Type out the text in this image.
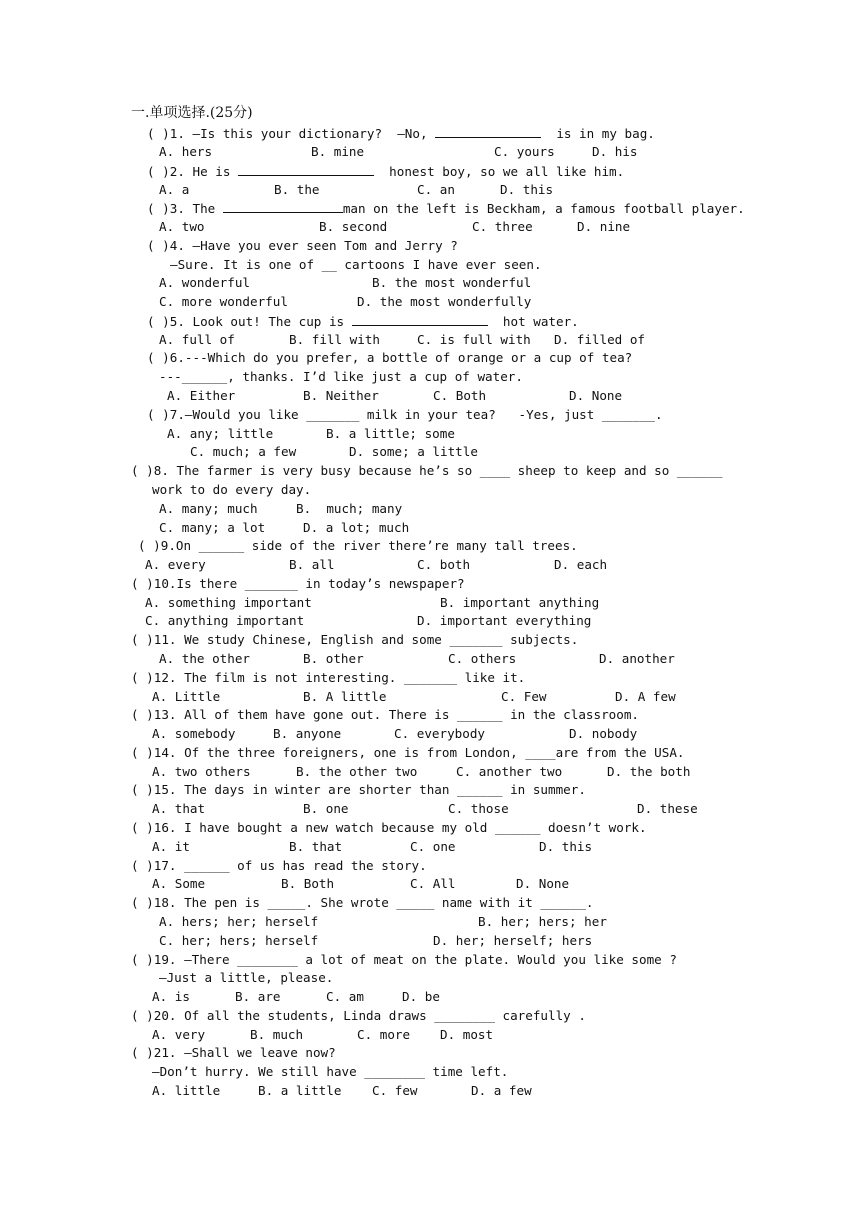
一.单项选择.(25分)
( )1. —Is this your dictionary?  —No,	is in my bag.
A. hers	B. mine	C. yours	D. his
( )2. He is	honest boy, so we all like him.
A. a	B. the	C. an	D. this
( )3. The	man on the left is Beckham, a famous football player.
A. two	B. second	C. three	D. nine
( )4. —Have you ever seen Tom and Jerry ?
—Sure. It is one of __ cartoons I have ever seen.
A. wonderful	B. the most wonderful
C. more wonderful	D. the most wonderfully
( )5. Look out! The cup is	hot water.
A. full of	B. fill with	C. is full with D. filled of
( )6.---Which do you prefer, a bottle of orange or a cup of tea?
---______, thanks. I’d like just a cup of water.
A. Either	B. Neither	C. Both	D. None
( )7.–Would you like _______ milk in your tea?   -Yes, just _______.
A. any; little	B. a little; some
C. much; a few	D. some; a little
( )8. The farmer is very busy because he’s so ____ sheep to keep and so ______
work to do every day.
A. many; much	B.  much; many
C. many; a lot	D. a lot; much
( )9.On ______ side of the river there’re many tall trees.
A. every	B. all	C. both	D. each
( )10.Is there _______ in today’s newspaper?
A. something important	B. important anything
C. anything important	D. important everything
( )11. We study Chinese, English and some _______ subjects.
A. the other	B. other	C. others	D. another
( )12. The film is not interesting. _______ like it.
A. Little	B. A little	C. Few	D. A few
( )13. All of them have gone out. There is ______ in the classroom.
A. somebody	B. anyone	C. everybody	D. nobody
( )14. Of the three foreigners, one is from London, ____are from the USA.
A. two others	B. the other two	C. another two	D. the both
( )15. The days in winter are shorter than ______ in summer.
A. that	B. one	C. those	D. these
( )16. I have bought a new watch because my old ______ doesn’t work.
A. it	B. that	C. one	D. this
( )17. ______ of us has read the story.
A. Some	B. Both	C. All	D. None
( )18. The pen is _____. She wrote _____ name with it ______.
A. hers; her; herself	B. her; hers; her
C. her; hers; herself	D. her; herself; hers
( )19. —There ________ a lot of meat on the plate. Would you like some ?
—Just a little, please.
A. is	B. are	C. am	D. be
( )20. Of all the students, Linda draws ________ carefully .
A. very	B. much	C. more D. most
( )21. —Shall we leave now?
—Don’t hurry. We still have ________ time left.
A. little	B. a little C. few	D. a few
